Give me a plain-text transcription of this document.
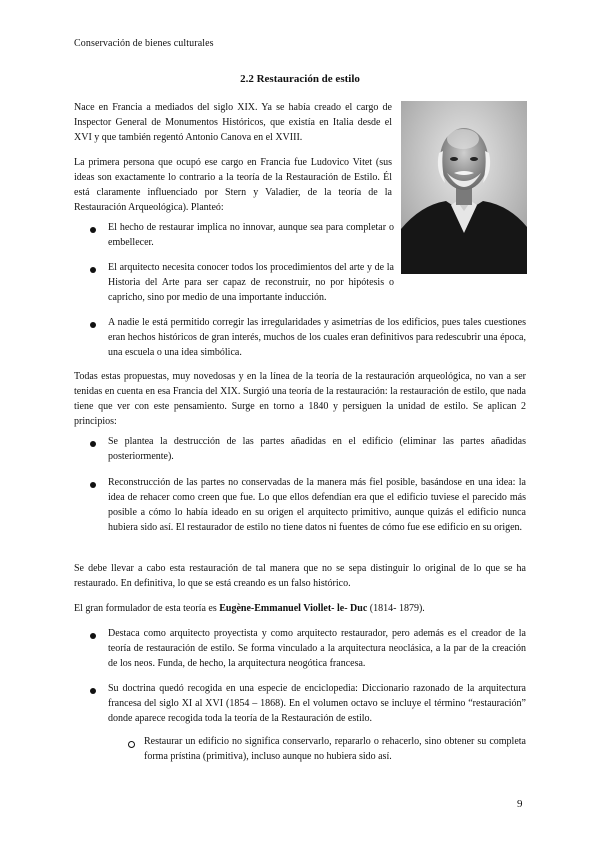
Conservación de bienes culturales
2.2 Restauración de estilo

Nace en Francia a mediados del siglo XIX. Ya se había creado el cargo de Inspector General de Monumentos Históricos, que existía en Italia desde el XVI y que también regentó Antonio Canova en el XVIII.

La primera persona que ocupó ese cargo en Francia fue Ludovico Vitet (sus ideas son exactamente lo contrario a la teoría de la Restauración de Estilo. Él está claramente influenciado por Stern y Valadier, de la teoría de la Restauración Arqueológica). Planteó:

El hecho de restaurar implica no innovar, aunque sea para completar o embellecer.

El arquitecto necesita conocer todos los procedimientos del arte y de la Historia del Arte para ser capaz de reconstruir, no por hipótesis o capricho, sino por medio de una importante inducción.

A nadie le está permitido corregir las irregularidades y asimetrías de los edificios, pues tales cuestiones eran hechos históricos de gran interés, muchos de los cuales eran definitivos para redescubrir una época, una escuela o una idea simbólica.

Todas estas propuestas, muy novedosas y en la línea de la teoría de la restauración arqueológica, no van a ser tenidas en cuenta en esa Francia del XIX. Surgió una teoría de la restauración: la restauración de estilo, que nada tiene que ver con este pensamiento. Surge en torno a 1840 y persiguen la unidad de estilo. Se aplican 2 principios:

Se plantea la destrucción de las partes añadidas en el edificio (eliminar las partes añadidas posteriormente).

Reconstrucción de las partes no conservadas de la manera más fiel posible, basándose en una idea: la idea de rehacer como creen que fue. Lo que ellos defendían era que el edificio tuviese el parecido más posible a cómo lo había ideado en su origen el arquitecto primitivo, aunque quizás el edificio nunca hubiera sido así. El restaurador de estilo no tiene datos ni fuentes de cómo fue ese edificio en su origen.

Se debe llevar a cabo esta restauración de tal manera que no se sepa distinguir lo original de lo que se ha restaurado. En definitiva, lo que se está creando es un falso histórico.

El gran formulador de esta teoría es Eugène-Emmanuel Viollet- le- Duc (1814- 1879).

Destaca como arquitecto proyectista y como arquitecto restaurador, pero además es el creador de la teoría de restauración de estilo. Se forma vinculado a la arquitectura neoclásica, a la par de la creación de los neos. Funda, de hecho, la arquitectura neogótica francesa.

Su doctrina quedó recogida en una especie de enciclopedia: Diccionario razonado de la arquitectura francesa del siglo XI al XVI (1854 – 1868). En el volumen octavo se incluye el término “restauración” donde aparece recogida toda la teoría de la Restauración de estilo.

Restaurar un edificio no significa conservarlo, repararlo o rehacerlo, sino obtener su completa forma prístina (primitiva), incluso aunque no hubiera sido así.

9
